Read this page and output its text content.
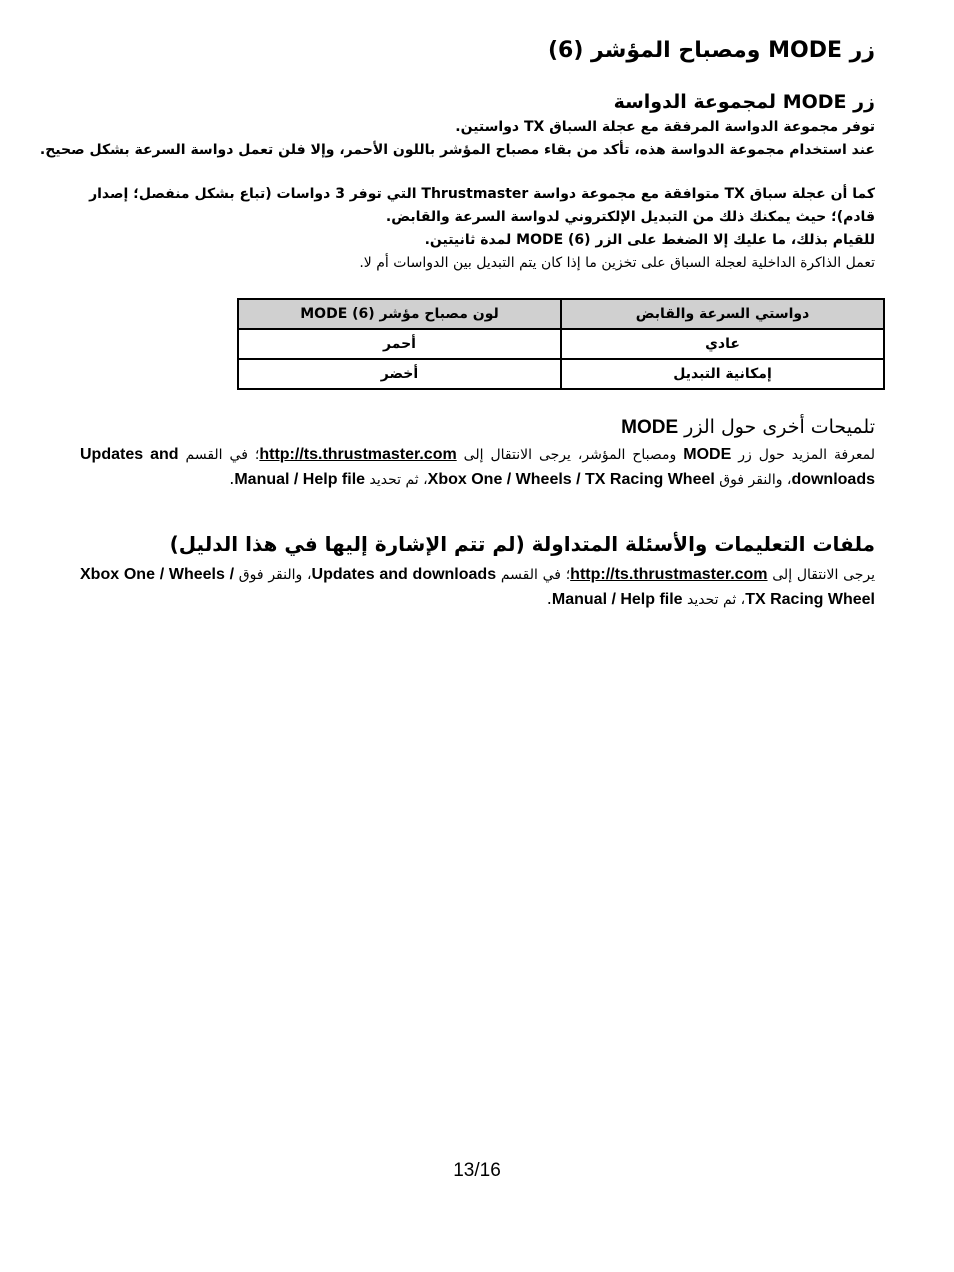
زر MODE ومصباح المؤشر (6)
زر MODE لمجموعة الدواسة
توفر مجموعة الدواسة المرفقة مع عجلة السباق TX دواستين.
عند استخدام مجموعة الدواسة هذه، تأكد من بقاء مصباح المؤشر باللون الأحمر، وإلا فلن تعمل دواسة السرعة بشكل صحيح.
كما أن عجلة سباق TX متوافقة مع مجموعة دواسة Thrustmaster التي توفر 3 دواسات (تباع بشكل منفصل؛ إصدار قادم)؛ حيث يمكنك ذلك من التبديل الإلكتروني لدواسة السرعة والقابض.
للقيام بذلك، ما عليك إلا الضغط على الزر MODE (6) لمدة ثانيتين.
تعمل الذاكرة الداخلية لعجلة السباق على تخزين ما إذا كان يتم التبديل بين الدواسات أم لا.
دواستي السرعة والقابض	لون مصباح مؤشر MODE (6)
عادي	أحمر
إمكانية التبديل	أخضر
تلميحات أخرى حول الزر MODE
لمعرفة المزيد حول زر MODE ومصباح المؤشر، يرجى الانتقال إلى http://ts.thrustmaster.com؛ في القسم Updates and downloads، والنقر فوق Xbox One / Wheels / TX Racing Wheel، ثم تحديد Manual / Help file.
ملفات التعليمات والأسئلة المتداولة (لم تتم الإشارة إليها في هذا الدليل)
يرجى الانتقال إلى http://ts.thrustmaster.com؛ في القسم Updates and downloads، والنقر فوق Xbox One / Wheels / TX Racing Wheel، ثم تحديد Manual / Help file.
13/16
